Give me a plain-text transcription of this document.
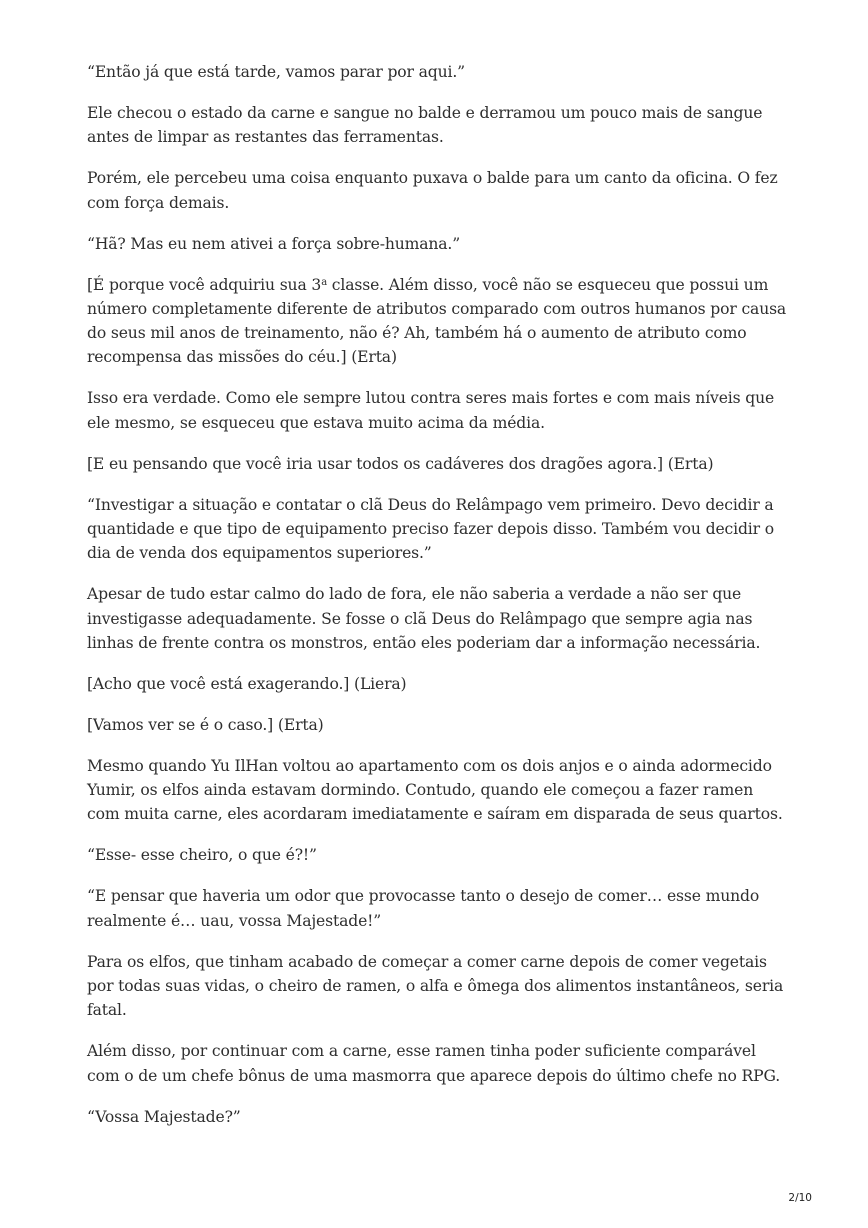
“Então já que está tarde, vamos parar por aqui.”

Ele checou o estado da carne e sangue no balde e derramou um pouco mais de sangue antes de limpar as restantes das ferramentas.

Porém, ele percebeu uma coisa enquanto puxava o balde para um canto da oficina. O fez com força demais.

“Hã? Mas eu nem ativei a força sobre-humana.”

[É porque você adquiriu sua 3$^a$ classe. Além disso, você não se esqueceu que possui um número completamente diferente de atributos comparado com outros humanos por causa do seus mil anos de treinamento, não é? Ah, também há o aumento de atributo como recompensa das missões do céu.] (Erta)

Isso era verdade. Como ele sempre lutou contra seres mais fortes e com mais níveis que ele mesmo, se esqueceu que estava muito acima da média.

[E eu pensando que você iria usar todos os cadáveres dos dragões agora.] (Erta)

“Investigar a situação e contatar o clã Deus do Relâmpago vem primeiro. Devo decidir a quantidade e que tipo de equipamento preciso fazer depois disso. Também vou decidir o dia de venda dos equipamentos superiores.”

Apesar de tudo estar calmo do lado de fora, ele não saberia a verdade a não ser que investigasse adequadamente. Se fosse o clã Deus do Relâmpago que sempre agia nas linhas de frente contra os monstros, então eles poderiam dar a informação necessária.

[Acho que você está exagerando.] (Liera)

[Vamos ver se é o caso.] (Erta)

Mesmo quando Yu IlHan voltou ao apartamento com os dois anjos e o ainda adormecido Yumir, os elfos ainda estavam dormindo. Contudo, quando ele começou a fazer ramen com muita carne, eles acordaram imediatamente e saíram em disparada de seus quartos.

“Esse- esse cheiro, o que é?!”

“E pensar que haveria um odor que provocasse tanto o desejo de comer… esse mundo realmente é… uau, vossa Majestade!”

Para os elfos, que tinham acabado de começar a comer carne depois de comer vegetais por todas suas vidas, o cheiro de ramen, o alfa e ômega dos alimentos instantâneos, seria fatal.

Além disso, por continuar com a carne, esse ramen tinha poder suficiente comparável com o de um chefe bônus de uma masmorra que aparece depois do último chefe no RPG.

“Vossa Majestade?”

2/10
